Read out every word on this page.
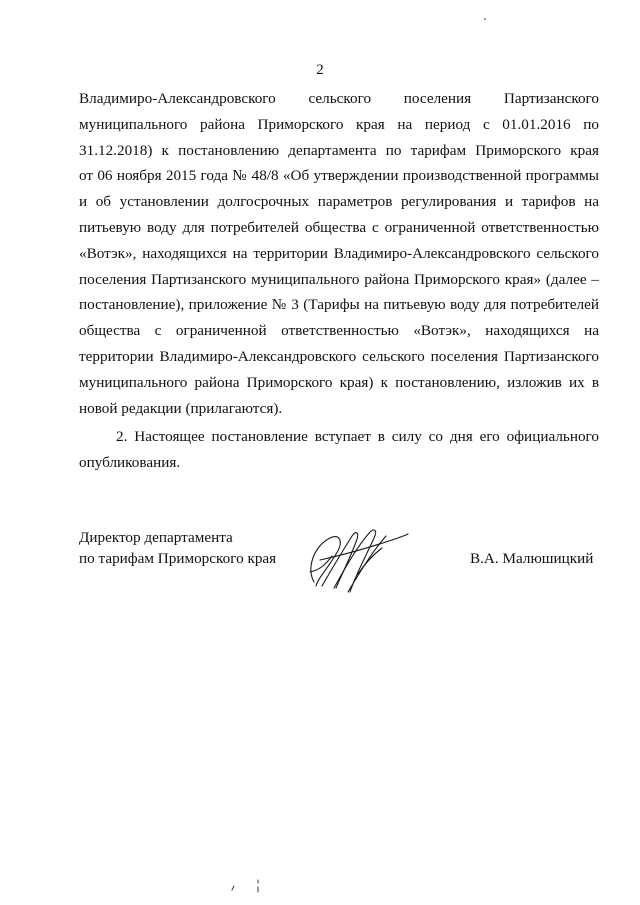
2
Владимиро-Александровского сельского поселения Партизанского
муниципального района Приморского края на период с 01.01.2016 по
31.12.2018) к постановлению департамента по тарифам Приморского края
от 06 ноября 2015 года № 48/8 «Об утверждении производственной программы
и об установлении долгосрочных параметров регулирования и тарифов на
питьевую воду для потребителей общества с ограниченной ответственностью
«Вотэк», находящихся на территории Владимиро-Александровского сельского
поселения Партизанского муниципального района Приморского края» (далее –
постановление), приложение № 3 (Тарифы на питьевую воду для потребителей
общества с ограниченной ответственностью «Вотэк», находящихся на
территории Владимиро-Александровского сельского поселения Партизанского
муниципального района Приморского края) к постановлению, изложив их в
новой редакции (прилагаются).
2. Настоящее постановление вступает в силу со дня его официального
опубликования.
Директор департамента
по тарифам Приморского края	В.А. Малюшицкий
